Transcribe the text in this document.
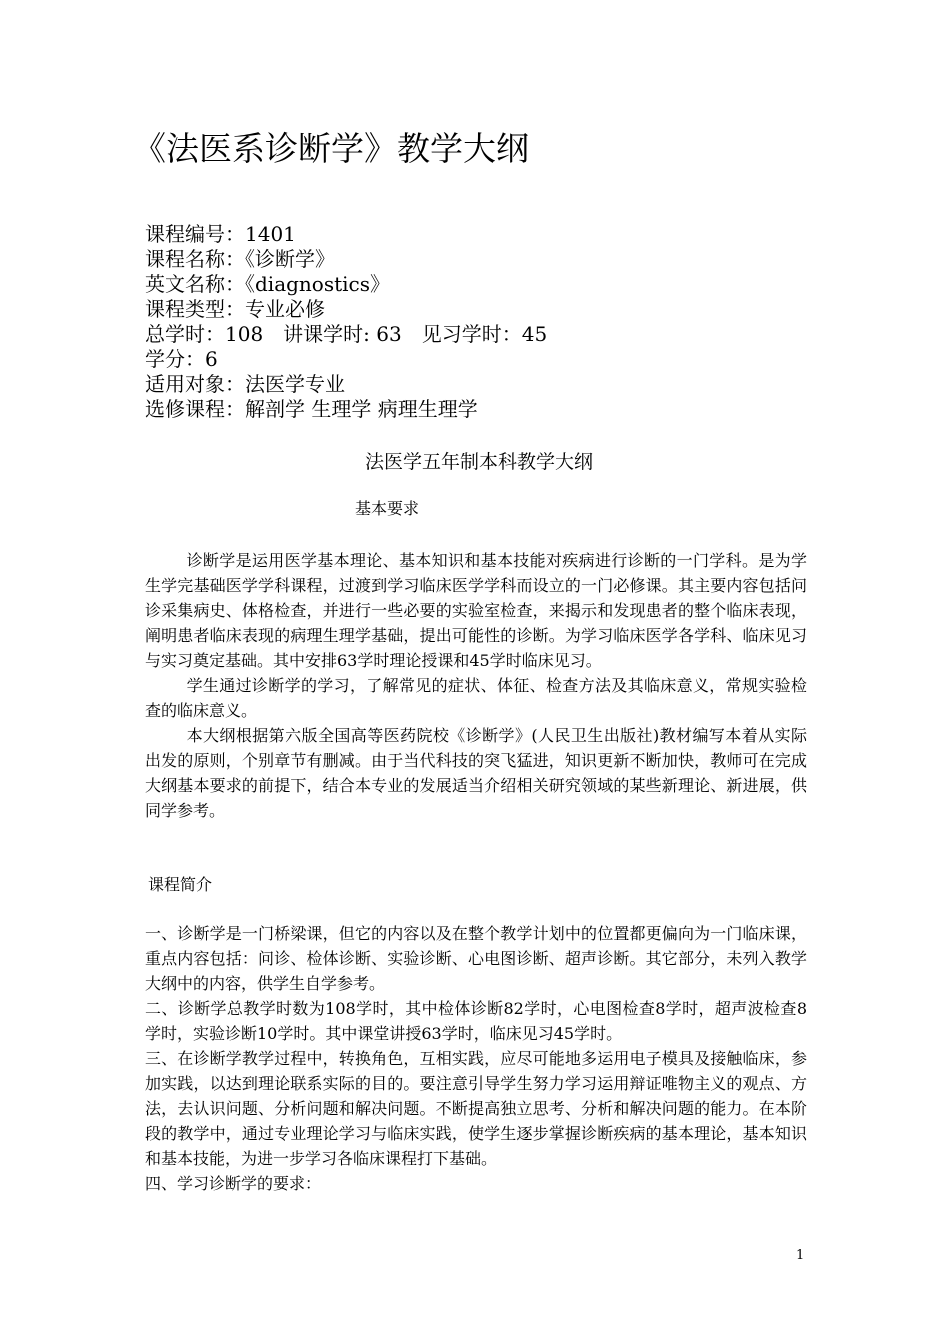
《法医系诊断学》教学大纲
课程编号：1401
课程名称：《诊断学》
英文名称：《diagnostics》
课程类型：专业必修
总学时：108　讲课学时: 63　见习学时：45
学分：6
适用对象：法医学专业
选修课程：解剖学 生理学 病理生理学
法医学五年制本科教学大纲
基本要求

诊断学是运用医学基本理论、基本知识和基本技能对疾病进行诊断的一门学科。是为学生学完基础医学学科课程，过渡到学习临床医学学科而设立的一门必修课。其主要内容包括问诊采集病史、体格检查，并进行一些必要的实验室检查，来揭示和发现患者的整个临床表现，阐明患者临床表现的病理生理学基础，提出可能性的诊断。为学习临床医学各学科、临床见习与实习奠定基础。其中安排63学时理论授课和45学时临床见习。

学生通过诊断学的学习，了解常见的症状、体征、检查方法及其临床意义，常规实验检查的临床意义。

本大纲根据第六版全国高等医药院校《诊断学》(人民卫生出版社)教材编写本着从实际出发的原则，个别章节有删减。由于当代科技的突飞猛进，知识更新不断加快，教师可在完成大纲基本要求的前提下，结合本专业的发展适当介绍相关研究领域的某些新理论、新进展，供同学参考。

课程简介

一、诊断学是一门桥梁课，但它的内容以及在整个教学计划中的位置都更偏向为一门临床课，重点内容包括：问诊、检体诊断、实验诊断、心电图诊断、超声诊断。其它部分，未列入教学大纲中的内容，供学生自学参考。

二、诊断学总教学时数为108学时，其中检体诊断82学时，心电图检查8学时，超声波检查8学时，实验诊断10学时。其中课堂讲授63学时，临床见习45学时。

三、在诊断学教学过程中，转换角色，互相实践，应尽可能地多运用电子模具及接触临床，参加实践，以达到理论联系实际的目的。要注意引导学生努力学习运用辩证唯物主义的观点、方法，去认识问题、分析问题和解决问题。不断提高独立思考、分析和解决问题的能力。在本阶段的教学中，通过专业理论学习与临床实践，使学生逐步掌握诊断疾病的基本理论，基本知识和基本技能，为进一步学习各临床课程打下基础。

四、学习诊断学的要求：

1
